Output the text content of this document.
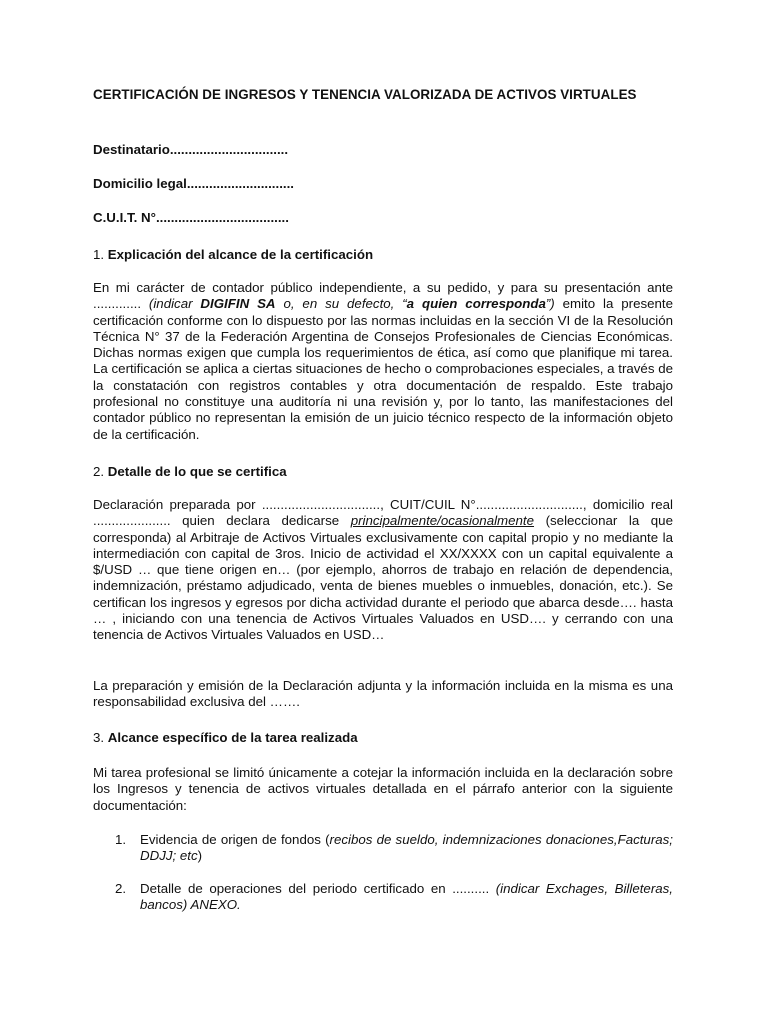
CERTIFICACIÓN DE INGRESOS Y TENENCIA VALORIZADA DE ACTIVOS VIRTUALES
Destinatario................................
Domicilio legal.............................
C.U.I.T. N°....................................
1. Explicación del alcance de la certificación
En mi carácter de contador público independiente, a su pedido, y para su presentación ante ............. (indicar DIGIFIN SA o, en su defecto, “a quien corresponda”) emito la presente certificación conforme con lo dispuesto por las normas incluidas en la sección VI de la Resolución Técnica N° 37 de la Federación Argentina de Consejos Profesionales de Ciencias Económicas. Dichas normas exigen que cumpla los requerimientos de ética, así como que planifique mi tarea. La certificación se aplica a ciertas situaciones de hecho o comprobaciones especiales, a través de la constatación con registros contables y otra documentación de respaldo. Este trabajo profesional no constituye una auditoría ni una revisión y, por lo tanto, las manifestaciones del contador público no representan la emisión de un juicio técnico respecto de la información objeto de la certificación.
2. Detalle de lo que se certifica
Declaración preparada por ................................, CUIT/CUIL N°............................., domicilio real ..................... quien declara dedicarse principalmente/ocasionalmente (seleccionar la que corresponda) al Arbitraje de Activos Virtuales exclusivamente con capital propio y no mediante la intermediación con capital de 3ros. Inicio de actividad el XX/XXXX con un capital equivalente a $/USD … que tiene origen en… (por ejemplo, ahorros de trabajo en relación de dependencia, indemnización, préstamo adjudicado, venta de bienes muebles o inmuebles, donación, etc.). Se certifican los ingresos y egresos por dicha actividad durante el periodo que abarca desde…. hasta … , iniciando con una tenencia de Activos Virtuales Valuados en USD…. y cerrando con una tenencia de Activos Virtuales Valuados en USD…
La preparación y emisión de la Declaración adjunta y la información incluida en la misma es una responsabilidad exclusiva del …….
3. Alcance específico de la tarea realizada
Mi tarea profesional se limitó únicamente a cotejar la información incluida en la declaración sobre los Ingresos y tenencia de activos virtuales detallada en el párrafo anterior con la siguiente documentación:
1. Evidencia de origen de fondos (recibos de sueldo, indemnizaciones donaciones,Facturas; DDJJ; etc)
2. Detalle de operaciones del periodo certificado en .......... (indicar Exchages, Billeteras, bancos) ANEXO.
